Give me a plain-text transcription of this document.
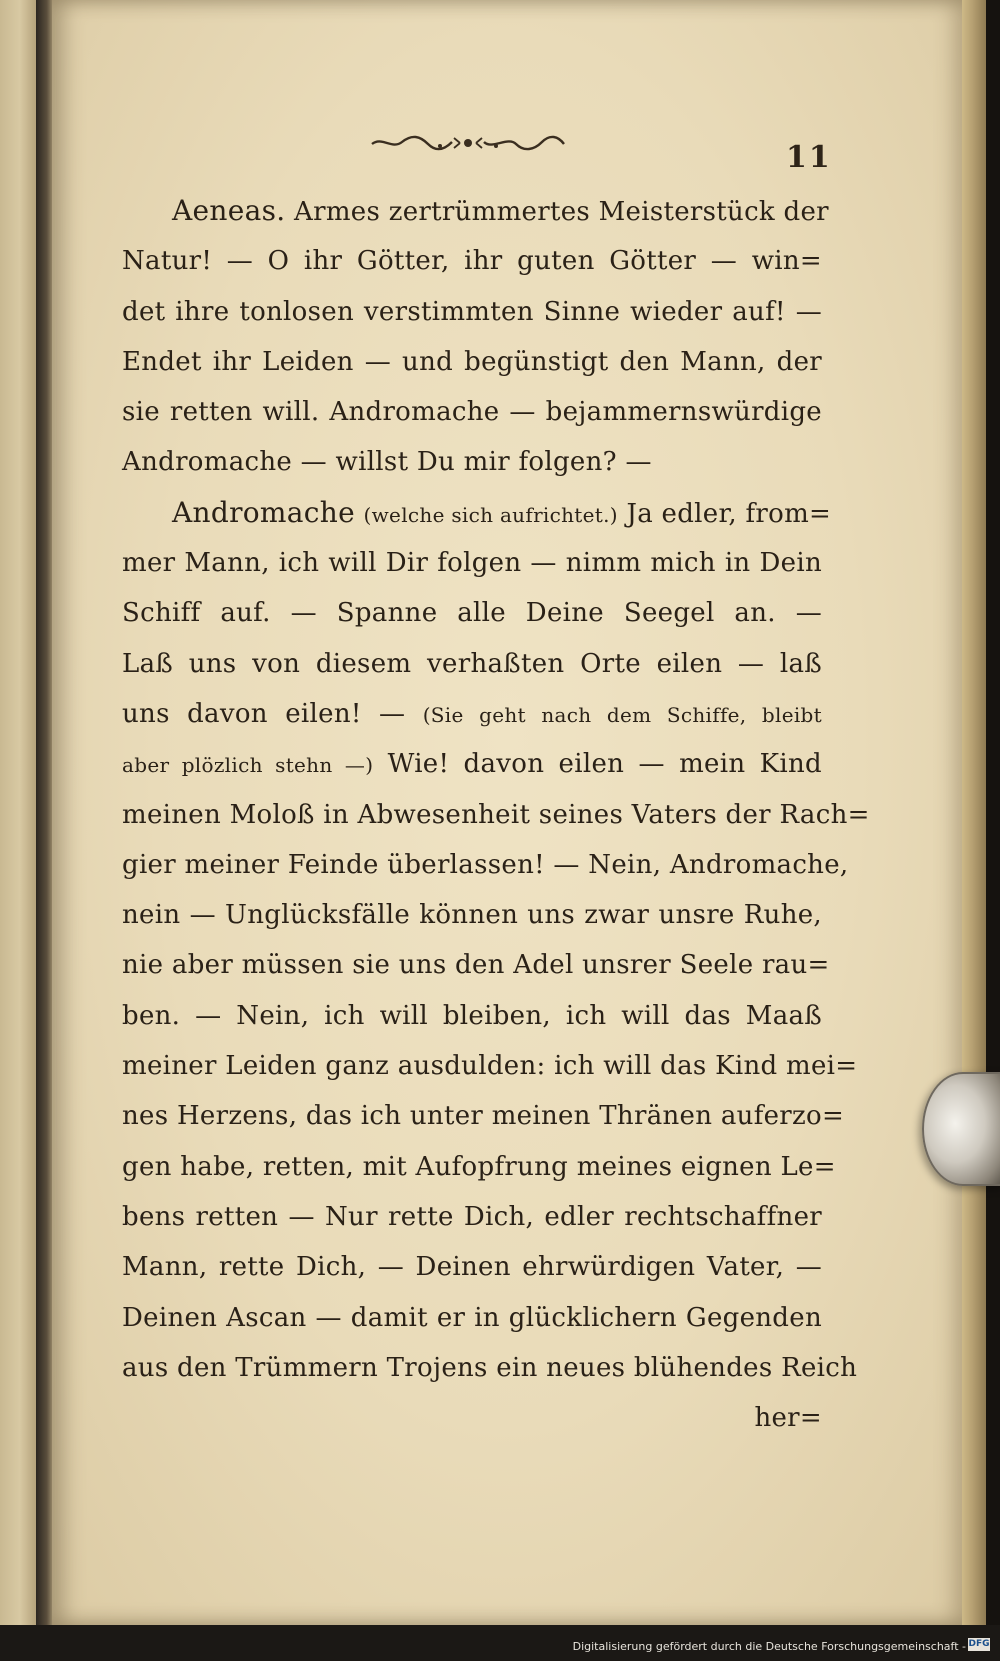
11
Aeneas. Armes zertrümmertes Meisterstück der
Natur! — O ihr Götter, ihr guten Götter — win=
det ihre tonlosen verstimmten Sinne wieder auf! —
Endet ihr Leiden — und begünstigt den Mann, der
sie retten will. Andromache — bejammernswürdige
Andromache — willst Du mir folgen? —
Andromache (welche sich aufrichtet.) Ja edler, from=
mer Mann, ich will Dir folgen — nimm mich in Dein
Schiff auf. — Spanne alle Deine Seegel an. —
Laß uns von diesem verhaßten Orte eilen — laß
uns davon eilen! — (Sie geht nach dem Schiffe, bleibt
aber plözlich stehn —) Wie! davon eilen — mein Kind
meinen Moloß in Abwesenheit seines Vaters der Rach=
gier meiner Feinde überlassen! — Nein, Andromache,
nein — Unglücksfälle können uns zwar unsre Ruhe,
nie aber müssen sie uns den Adel unsrer Seele rau=
ben. — Nein, ich will bleiben, ich will das Maaß
meiner Leiden ganz ausdulden: ich will das Kind mei=
nes Herzens, das ich unter meinen Thränen auferzo=
gen habe, retten, mit Aufopfrung meines eignen Le=
bens retten — Nur rette Dich, edler rechtschaffner
Mann, rette Dich, — Deinen ehrwürdigen Vater, —
Deinen Ascan — damit er in glücklichern Gegenden
aus den Trümmern Trojens ein neues blühendes Reich
her=
Digitalisierung gefördert durch die Deutsche Forschungsgemeinschaft - DFG
